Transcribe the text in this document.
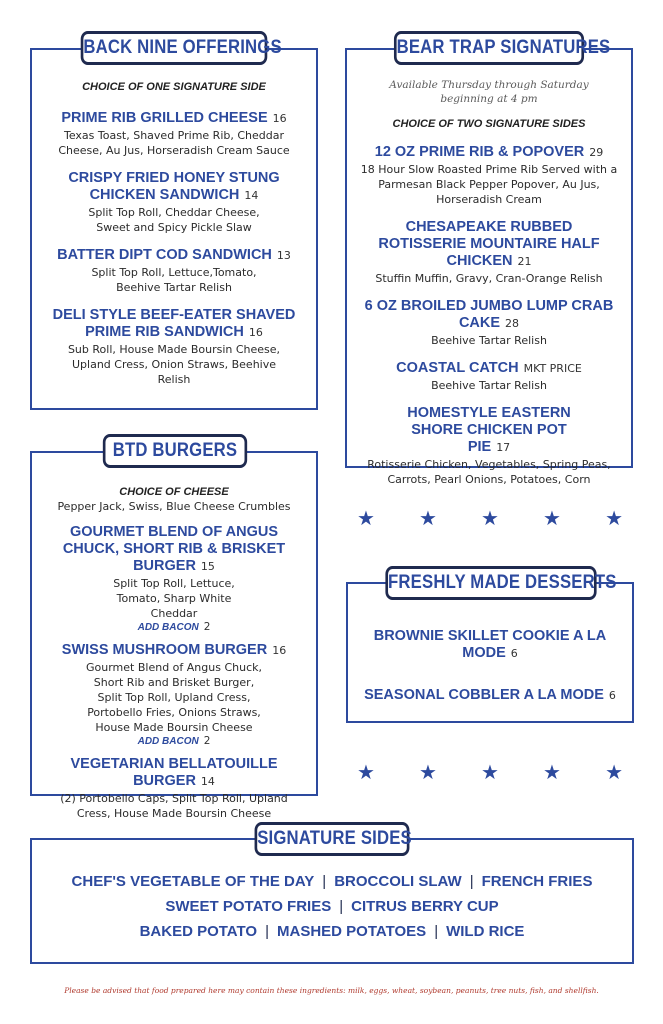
BACK NINE OFFERINGS

CHOICE OF ONE SIGNATURE SIDE

PRIME RIB GRILLED CHEESE 16

Texas Toast, Shaved Prime Rib, Cheddar Cheese, Au Jus, Horseradish Cream Sauce

CRISPY FRIED HONEY STUNG CHICKEN SANDWICH 14

Split Top Roll, Cheddar Cheese, Sweet and Spicy Pickle Slaw

BATTER DIPT COD SANDWICH 13

Split Top Roll, Lettuce,Tomato, Beehive Tartar Relish

DELI STYLE BEEF-EATER SHAVED PRIME RIB SANDWICH 16

Sub Roll, House Made Boursin Cheese, Upland Cress, Onion Straws, Beehive Relish

BEAR TRAP SIGNATURES

Available Thursday through Saturday beginning at 4 pm

CHOICE OF TWO SIGNATURE SIDES

12 OZ PRIME RIB & POPOVER 29

18 Hour Slow Roasted Prime Rib Served with a Parmesan Black Pepper Popover, Au Jus, Horseradish Cream

CHESAPEAKE RUBBED ROTISSERIE MOUNTAIRE HALF CHICKEN 21

Stuffin Muffin, Gravy, Cran-Orange Relish

6 OZ BROILED JUMBO LUMP CRAB CAKE 28

Beehive Tartar Relish

COASTAL CATCH MKT PRICE

Beehive Tartar Relish

HOMESTYLE EASTERN SHORE CHICKEN POT PIE 17

Rotisserie Chicken, Vegetables, Spring Peas, Carrots, Pearl Onions, Potatoes, Corn

BTD BURGERS

CHOICE OF CHEESE

Pepper Jack, Swiss, Blue Cheese Crumbles

GOURMET BLEND OF ANGUS CHUCK, SHORT RIB & BRISKET BURGER 15

Split Top Roll, Lettuce, Tomato, Sharp White Cheddar

ADD BACON 2

SWISS MUSHROOM BURGER 16

Gourmet Blend of Angus Chuck, Short Rib and Brisket Burger, Split Top Roll, Upland Cress, Portobello Fries, Onions Straws, House Made Boursin Cheese

ADD BACON 2

VEGETARIAN BELLATOUILLE BURGER 14

(2) Portobello Caps, Split Top Roll, Upland Cress, House Made Boursin Cheese

★ ★ ★ ★ ★
FRESHLY MADE DESSERTS

BROWNIE SKILLET COOKIE A LA MODE 6

SEASONAL COBBLER A LA MODE 6

★ ★ ★ ★ ★
SIGNATURE SIDES
CHEF'S VEGETABLE OF THE DAY | BROCCOLI SLAW | FRENCH FRIES
SWEET POTATO FRIES | CITRUS BERRY CUP
BAKED POTATO | MASHED POTATOES | WILD RICE
Please be advised that food prepared here may contain these ingredients: milk, eggs, wheat, soybean, peanuts, tree nuts, fish, and shellfish.
